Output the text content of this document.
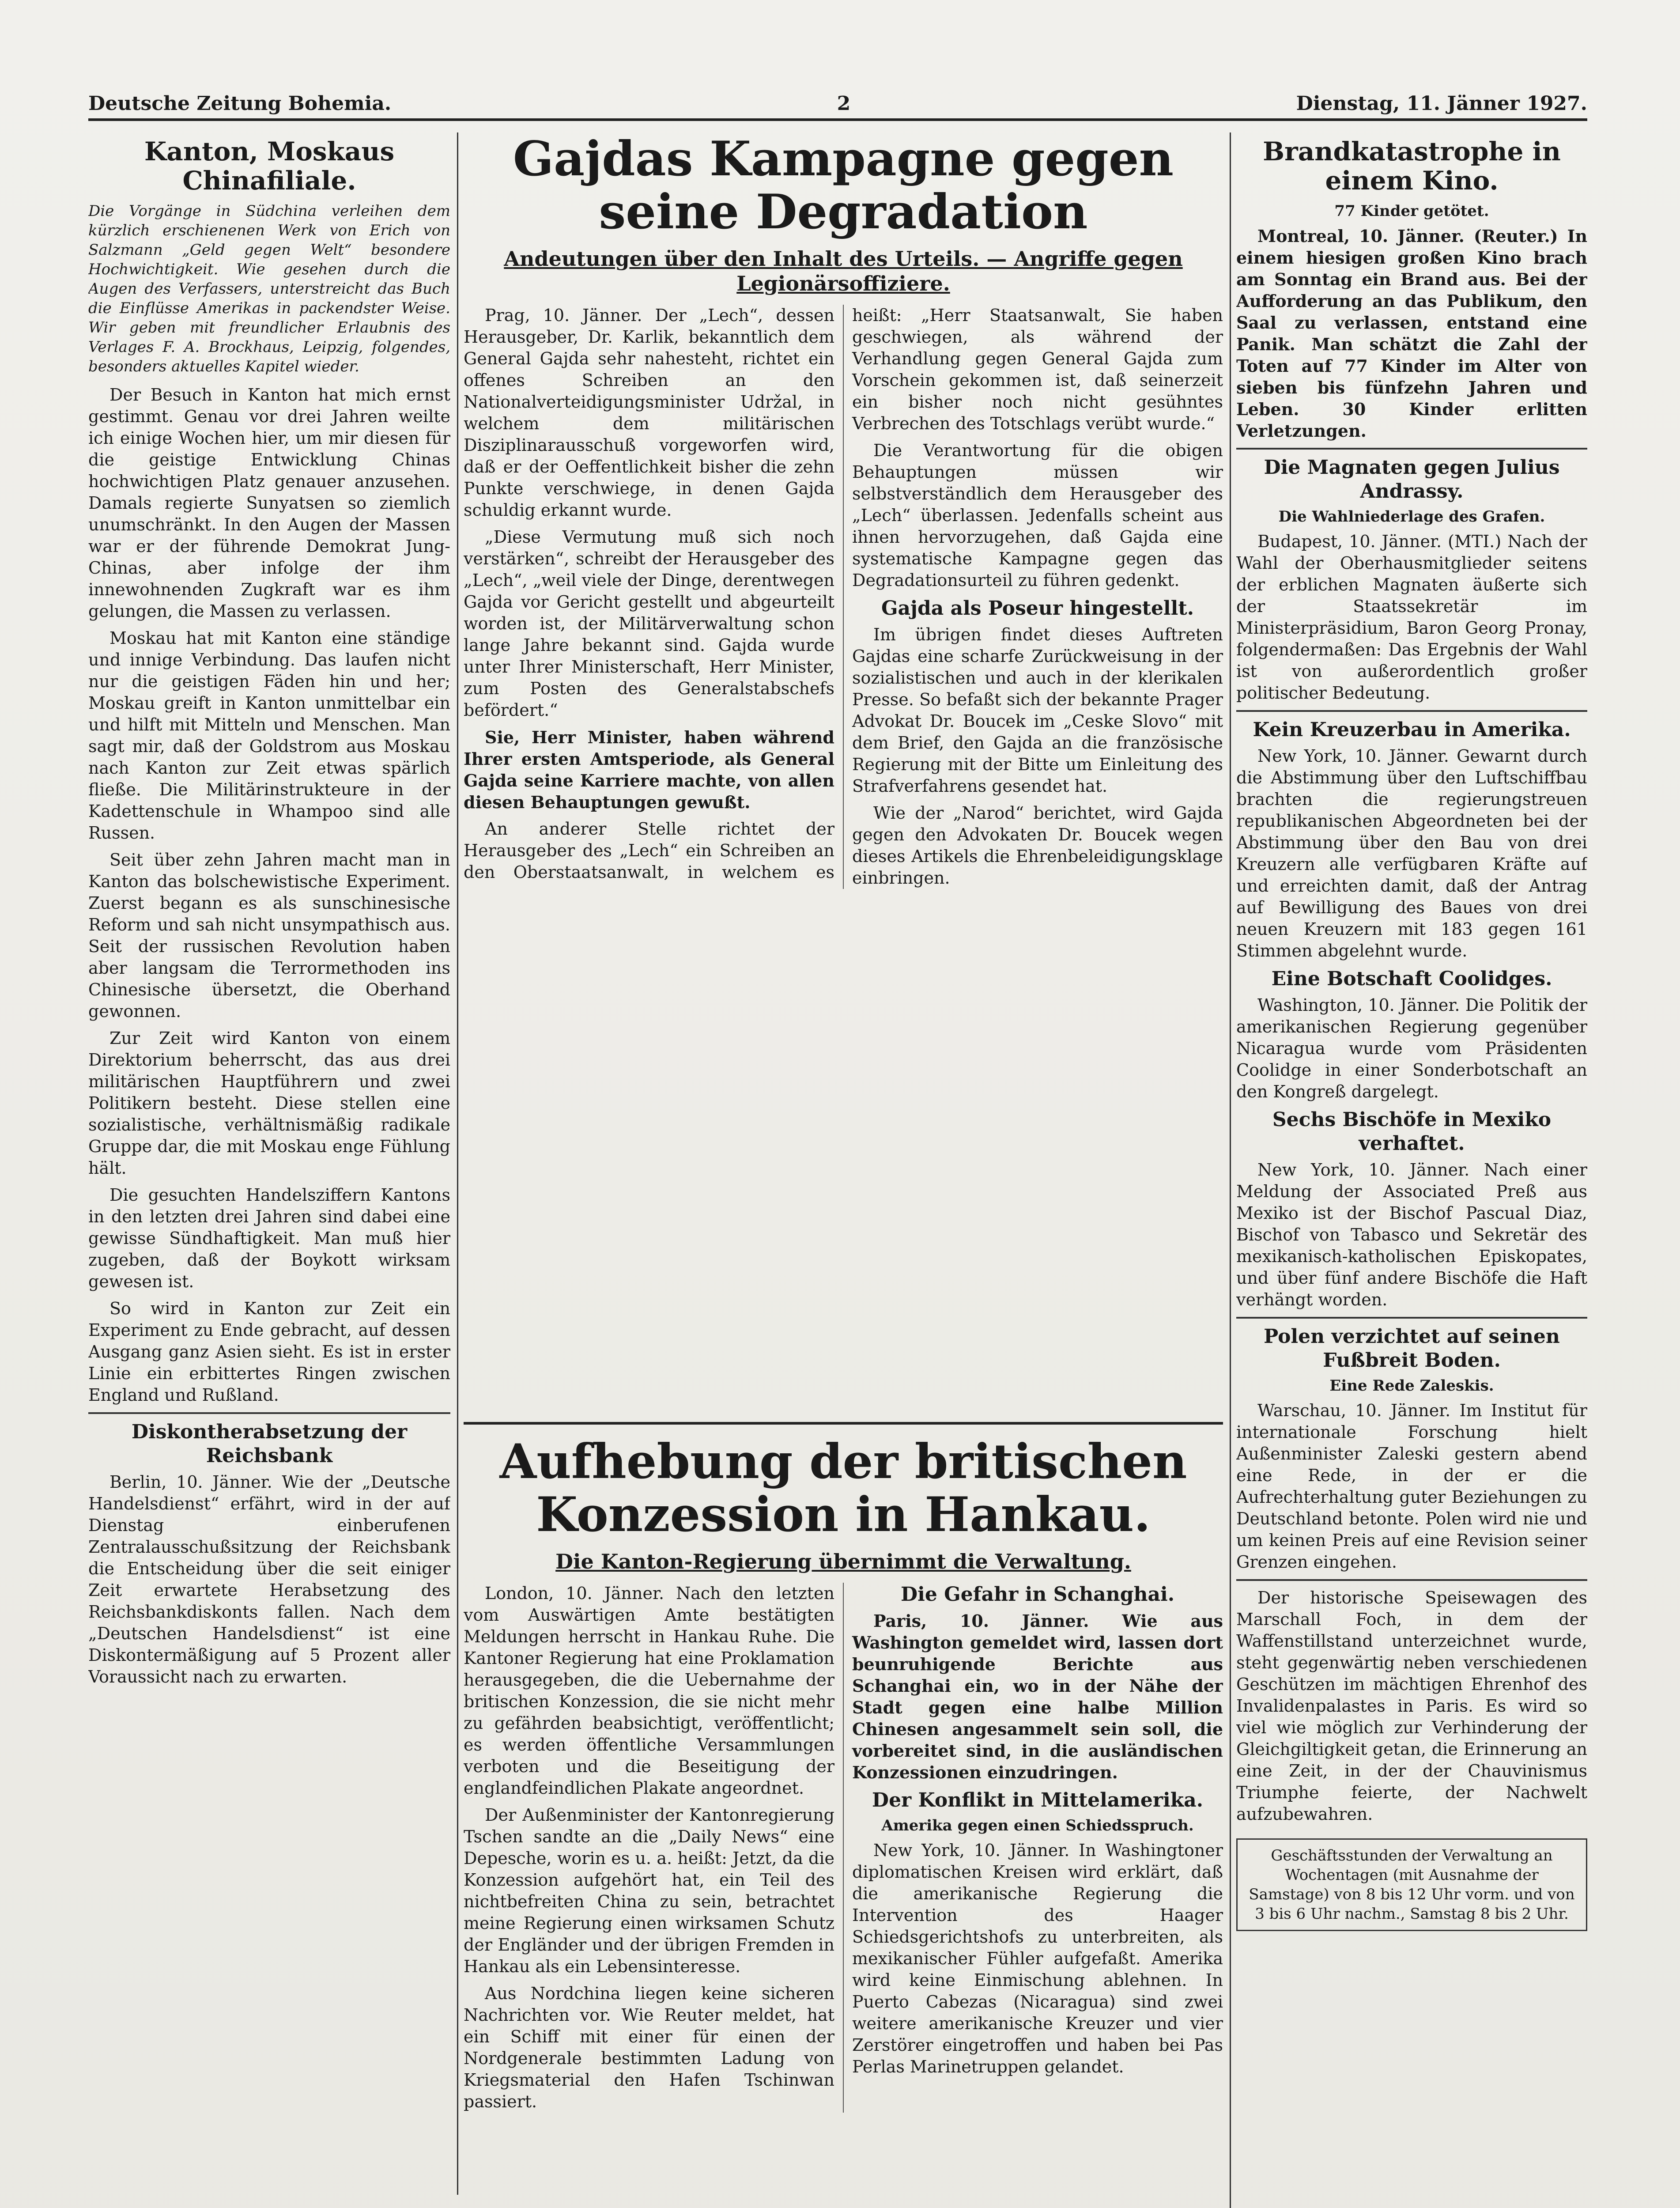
Deutsche Zeitung Bohemia.	2	Dienstag, 11. Jänner 1927.
Kanton, Moskaus Chinafiliale.
Die Vorgänge in Südchina verleihen dem kürzlich erschienenen Werk von Erich von Salzmann „Geld gegen Welt“ besondere Hochwichtigkeit. Wie gesehen durch die Augen des Verfassers, unterstreicht das Buch die Einflüsse Amerikas in packendster Weise. Wir geben mit freundlicher Erlaubnis des Verlages F. A. Brockhaus, Leipzig, folgendes, besonders aktuelles Kapitel wieder.

Der Besuch in Kanton hat mich ernst gestimmt. Genau vor drei Jahren weilte ich einige Wochen hier, um mir diesen für die geistige Entwicklung Chinas hochwichtigen Platz genauer anzusehen. Damals regierte Sunyatsen so ziemlich unumschränkt. In den Augen der Massen war er der führende Demokrat Jung-Chinas, aber infolge der ihm innewohnenden Zugkraft war es ihm gelungen, die Massen zu verlassen.

Moskau hat mit Kanton eine ständige und innige Verbindung. Das laufen nicht nur die geistigen Fäden hin und her; Moskau greift in Kanton unmittelbar ein und hilft mit Mitteln und Menschen. Man sagt mir, daß der Goldstrom aus Moskau nach Kanton zur Zeit etwas spärlich fließe. Die Militärinstrukteure in der Kadettenschule in Whampoo sind alle Russen.

Seit über zehn Jahren macht man in Kanton das bolschewistische Experiment. Zuerst begann es als sunschinesische Reform und sah nicht unsympathisch aus. Seit der russischen Revolution haben aber langsam die Terrormethoden ins Chinesische übersetzt, die Oberhand gewonnen.

Zur Zeit wird Kanton von einem Direktorium beherrscht, das aus drei militärischen Hauptführern und zwei Politikern besteht. Diese stellen eine sozialistische, verhältnismäßig radikale Gruppe dar, die mit Moskau enge Fühlung hält.

Die gesuchten Handelsziffern Kantons in den letzten drei Jahren sind dabei eine gewisse Sündhaftigkeit. Man muß hier zugeben, daß der Boykott wirksam gewesen ist.

So wird in Kanton zur Zeit ein Experiment zu Ende gebracht, auf dessen Ausgang ganz Asien sieht. Es ist in erster Linie ein erbittertes Ringen zwischen England und Rußland.

Diskontherabsetzung der Reichsbank

Berlin, 10. Jänner. Wie der „Deutsche Handelsdienst“ erfährt, wird in der auf Dienstag einberufenen Zentralausschußsitzung der Reichsbank die Entscheidung über die seit einiger Zeit erwartete Herabsetzung des Reichsbankdiskonts fallen. Nach dem „Deutschen Handelsdienst“ ist eine Diskontermäßigung auf 5 Prozent aller Voraussicht nach zu erwarten.

Gajdas Kampagne gegen seine Degradation
Andeutungen über den Inhalt des Urteils. — Angriffe gegen Legionärsoffiziere.

Prag, 10. Jänner. Der „Lech“, dessen Herausgeber, Dr. Karlik, bekanntlich dem General Gajda sehr nahesteht, richtet ein offenes Schreiben an den Nationalverteidigungsminister Udržal, in welchem dem militärischen Disziplinarausschuß vorgeworfen wird, daß er der Oeffentlichkeit bisher die zehn Punkte verschwiege, in denen Gajda schuldig erkannt wurde.

„Diese Vermutung muß sich noch verstärken“, schreibt der Herausgeber des „Lech“, „weil viele der Dinge, derentwegen Gajda vor Gericht gestellt und abgeurteilt worden ist, der Militärverwaltung schon lange Jahre bekannt sind. Gajda wurde unter Ihrer Ministerschaft, Herr Minister, zum Posten des Generalstabschefs befördert.“

Sie, Herr Minister, haben während Ihrer ersten Amtsperiode, als General Gajda seine Karriere machte, von allen diesen Behauptungen gewußt.

An anderer Stelle richtet der Herausgeber des „Lech“ ein Schreiben an den Oberstaatsanwalt, in welchem es heißt: „Herr Staatsanwalt, Sie haben geschwiegen, als während der Verhandlung gegen General Gajda zum Vorschein gekommen ist, daß seinerzeit ein bisher noch nicht gesühntes Verbrechen des Totschlags verübt wurde.“

Die Verantwortung für die obigen Behauptungen müssen wir selbstverständlich dem Herausgeber des „Lech“ überlassen. Jedenfalls scheint aus ihnen hervorzugehen, daß Gajda eine systematische Kampagne gegen das Degradationsurteil zu führen gedenkt.

Gajda als Poseur hingestellt.

Im übrigen findet dieses Auftreten Gajdas eine scharfe Zurückweisung in der sozialistischen und auch in der klerikalen Presse. So befaßt sich der bekannte Prager Advokat Dr. Boucek im „Ceske Slovo“ mit dem Brief, den Gajda an die französische Regierung mit der Bitte um Einleitung des Strafverfahrens gesendet hat.

Wie der „Narod“ berichtet, wird Gajda gegen den Advokaten Dr. Boucek wegen dieses Artikels die Ehrenbeleidigungsklage einbringen.

Aufhebung der britischen Konzession in Hankau.
Die Kanton-Regierung übernimmt die Verwaltung.

London, 10. Jänner. Nach den letzten vom Auswärtigen Amte bestätigten Meldungen herrscht in Hankau Ruhe. Die Kantoner Regierung hat eine Proklamation herausgegeben, die die Uebernahme der britischen Konzession, die sie nicht mehr zu gefährden beabsichtigt, veröffentlicht; es werden öffentliche Versammlungen verboten und die Beseitigung der englandfeindlichen Plakate angeordnet.

Der Außenminister der Kantonregierung Tschen sandte an die „Daily News“ eine Depesche, worin es u. a. heißt: Jetzt, da die Konzession aufgehört hat, ein Teil des nichtbefreiten China zu sein, betrachtet meine Regierung einen wirksamen Schutz der Engländer und der übrigen Fremden in Hankau als ein Lebensinteresse.

Aus Nordchina liegen keine sicheren Nachrichten vor. Wie Reuter meldet, hat ein Schiff mit einer für einen der Nordgenerale bestimmten Ladung von Kriegsmaterial den Hafen Tschinwan passiert.

Die Gefahr in Schanghai.

Paris, 10. Jänner. Wie aus Washington gemeldet wird, lassen dort beunruhigende Berichte aus Schanghai ein, wo in der Nähe der Stadt gegen eine halbe Million Chinesen angesammelt sein soll, die vorbereitet sind, in die ausländischen Konzessionen einzudringen.

Der Konflikt in Mittelamerika.
Amerika gegen einen Schiedsspruch.

New York, 10. Jänner. In Washingtoner diplomatischen Kreisen wird erklärt, daß die amerikanische Regierung die Intervention des Haager Schiedsgerichtshofs zu unterbreiten, als mexikanischer Fühler aufgefaßt. Amerika wird keine Einmischung ablehnen. In Puerto Cabezas (Nicaragua) sind zwei weitere amerikanische Kreuzer und vier Zerstörer eingetroffen und haben bei Pas Perlas Marinetruppen gelandet.

Brandkatastrophe in einem Kino.
77 Kinder getötet.

Montreal, 10. Jänner. (Reuter.) In einem hiesigen großen Kino brach am Sonntag ein Brand aus. Bei der Aufforderung an das Publikum, den Saal zu verlassen, entstand eine Panik. Man schätzt die Zahl der Toten auf 77 Kinder im Alter von sieben bis fünfzehn Jahren und Leben. 30 Kinder erlitten Verletzungen.

Die Magnaten gegen Julius Andrassy.
Die Wahlniederlage des Grafen.

Budapest, 10. Jänner. (MTI.) Nach der Wahl der Oberhausmitglieder seitens der erblichen Magnaten äußerte sich der Staatssekretär im Ministerpräsidium, Baron Georg Pronay, folgendermaßen: Das Ergebnis der Wahl ist von außerordentlich großer politischer Bedeutung.

Kein Kreuzerbau in Amerika.

New York, 10. Jänner. Gewarnt durch die Abstimmung über den Luftschiffbau brachten die regierungstreuen republikanischen Abgeordneten bei der Abstimmung über den Bau von drei Kreuzern alle verfügbaren Kräfte auf und erreichten damit, daß der Antrag auf Bewilligung des Baues von drei neuen Kreuzern mit 183 gegen 161 Stimmen abgelehnt wurde.

Eine Botschaft Coolidges.

Washington, 10. Jänner. Die Politik der amerikanischen Regierung gegenüber Nicaragua wurde vom Präsidenten Coolidge in einer Sonderbotschaft an den Kongreß dargelegt.

Sechs Bischöfe in Mexiko verhaftet.

New York, 10. Jänner. Nach einer Meldung der Associated Preß aus Mexiko ist der Bischof Pascual Diaz, Bischof von Tabasco und Sekretär des mexikanisch-katholischen Episkopates, und über fünf andere Bischöfe die Haft verhängt worden.

Polen verzichtet auf seinen Fußbreit Boden.
Eine Rede Zaleskis.

Warschau, 10. Jänner. Im Institut für internationale Forschung hielt Außenminister Zaleski gestern abend eine Rede, in der er die Aufrechterhaltung guter Beziehungen zu Deutschland betonte. Polen wird nie und um keinen Preis auf eine Revision seiner Grenzen eingehen.

Der historische Speisewagen des Marschall Foch, in dem der Waffenstillstand unterzeichnet wurde, steht gegenwärtig neben verschiedenen Geschützen im mächtigen Ehrenhof des Invalidenpalastes in Paris. Es wird so viel wie möglich zur Verhinderung der Gleichgiltigkeit getan, die Erinnerung an eine Zeit, in der der Chauvinismus Triumphe feierte, der Nachwelt aufzubewahren.

Geschäftsstunden der Verwaltung an Wochentagen (mit Ausnahme der Samstage) von 8 bis 12 Uhr vorm. und von 3 bis 6 Uhr nachm., Samstag 8 bis 2 Uhr.
